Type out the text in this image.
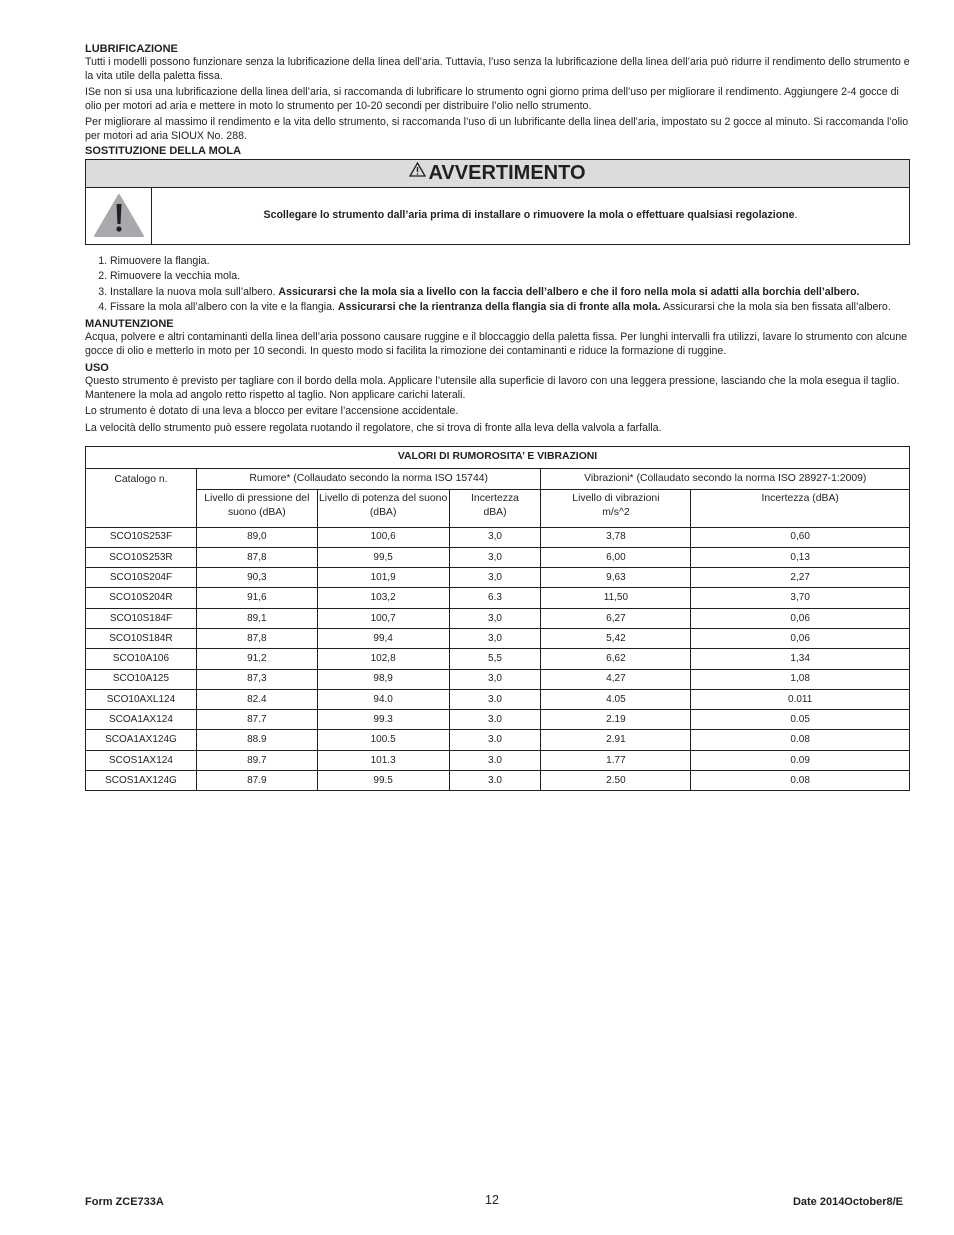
LUBRIFICAZIONE

Tutti i modelli possono funzionare senza la lubrificazione della linea dell’aria. Tuttavia, l’uso senza la lubrificazione della linea dell’aria può ridurre il rendimento dello strumento e la vita utile della paletta fissa.

ISe non si usa una lubrificazione della linea dell’aria, si raccomanda di lubrificare lo strumento ogni giorno prima dell’uso per migliorare il rendimento. Aggiungere 2-4 gocce di olio per motori ad aria e mettere in moto lo strumento per 10-20 secondi per distribuire l’olio nello strumento.

Per migliorare al massimo il rendimento e la vita dello strumento, si raccomanda l’uso di un lubrificante della linea dell’aria, impostato su 2 gocce al minuto. Si raccomanda l’olio per motori ad aria SIOUX No. 288.

SOSTITUZIONE DELLA MOLA
AVVERTIMENTO
Scollegare lo strumento dall’aria prima di installare o rimuovere la mola o effettuare qualsiasi regolazione .
1. Rimuovere la flangia.
2. Rimuovere la vecchia mola.
3. Installare la nuova mola sull’albero. Assicurarsi che la mola sia a livello con la faccia dell’albero e che il foro nella mola si adatti alla borchia dell’albero.
4. Fissare la mola all’albero con la vite e la flangia. Assicurarsi che la rientranza della flangia sia di fronte alla mola. Assicurarsi che la mola sia ben fissata all’albero.
MANUTENZIONE

Acqua, polvere e altri contaminanti della linea dell’aria possono causare ruggine e il bloccaggio della paletta fissa. Per lunghi intervalli fra utilizzi, lavare lo strumento con alcune gocce di olio e metterlo in moto per 10 secondi. In questo modo si facilita la rimozione dei contaminanti e riduce la formazione di ruggine.

USO

Questo strumento è previsto per tagliare con il bordo della mola. Applicare l’utensile alla superficie di lavoro con una leggera pressione, lasciando che la mola esegua il taglio. Mantenere la mola ad angolo retto rispetto al taglio. Non applicare carichi laterali.

Lo strumento è dotato di una leva a blocco per evitare l’accensione accidentale.

La velocità dello strumento può essere regolata ruotando il regolatore, che si trova di fronte alla leva della valvola a farfalla.

VALORI DI RUMOROSITA’ E VIBRAZIONI					
Catalogo n.	Rumore* (Collaudato secondo la norma ISO 15744)			Vibrazioni* (Collaudato secondo la norma ISO 28927-1:2009)	
	Livello di pressione del suono (dBA)	Livello di potenza del suono (dBA)	Incertezza dBA)	Livello di vibrazioni m/s^2	Incertezza (dBA)
SCO10S253F	89,0	100,6	3,0	3,78	0,60
SCO10S253R	87,8	99,5	3,0	6,00	0,13
SCO10S204F	90,3	101,9	3,0	9,63	2,27
SCO10S204R	91,6	103,2	6.3	11,50	3,70
SCO10S184F	89,1	100,7	3,0	6,27	0,06
SCO10S184R	87,8	99,4	3,0	5,42	0,06
SCO10A106	91,2	102,8	5,5	6,62	1,34
SCO10A125	87,3	98,9	3,0	4,27	1,08
SCO10AXL124	82.4	94.0	3.0	4.05	0.011
SCOA1AX124	87.7	99.3	3.0	2.19	0.05
SCOA1AX124G	88.9	100.5	3.0	2.91	0.08
SCOS1AX124	89.7	101.3	3.0	1.77	0.09
SCOS1AX124G	87.9	99.5	3.0	2.50	0.08
Form ZCE733A	12	Date 2014October8/E
